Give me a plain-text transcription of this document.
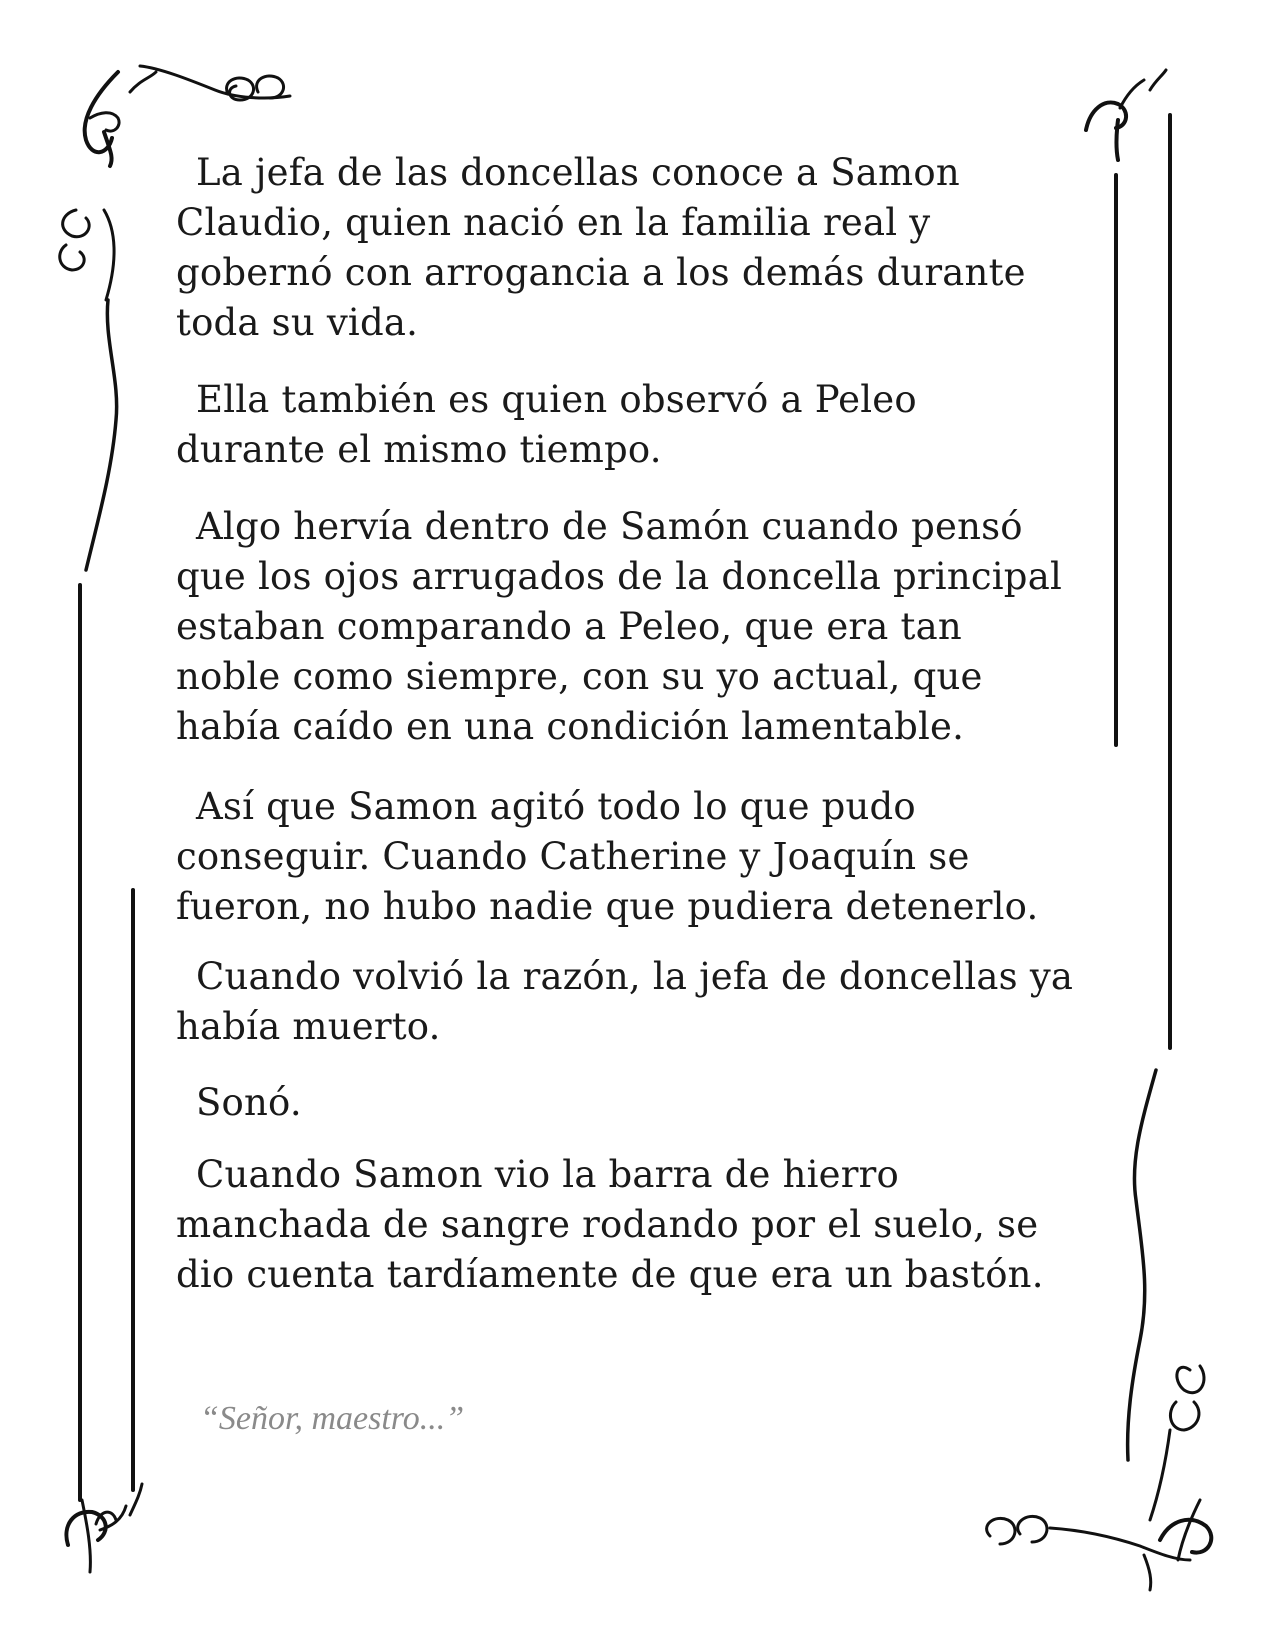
La jefa de las doncellas conoce a Samon Claudio, quien nació en la familia real y gobernó con arrogancia a los demás durante toda su vida.

Ella también es quien observó a Peleo durante el mismo tiempo.

Algo hervía dentro de Samón cuando pensó que los ojos arrugados de la doncella principal estaban comparando a Peleo, que era tan noble como siempre, con su yo actual, que había caído en una condición lamentable.

Así que Samon agitó todo lo que pudo conseguir. Cuando Catherine y Joaquín se fueron, no hubo nadie que pudiera detenerlo.

Cuando volvió la razón, la jefa de doncellas ya había muerto.

Sonó.

Cuando Samon vio la barra de hierro manchada de sangre rodando por el suelo, se dio cuenta tardíamente de que era un bastón.

“Señor, maestro...”
